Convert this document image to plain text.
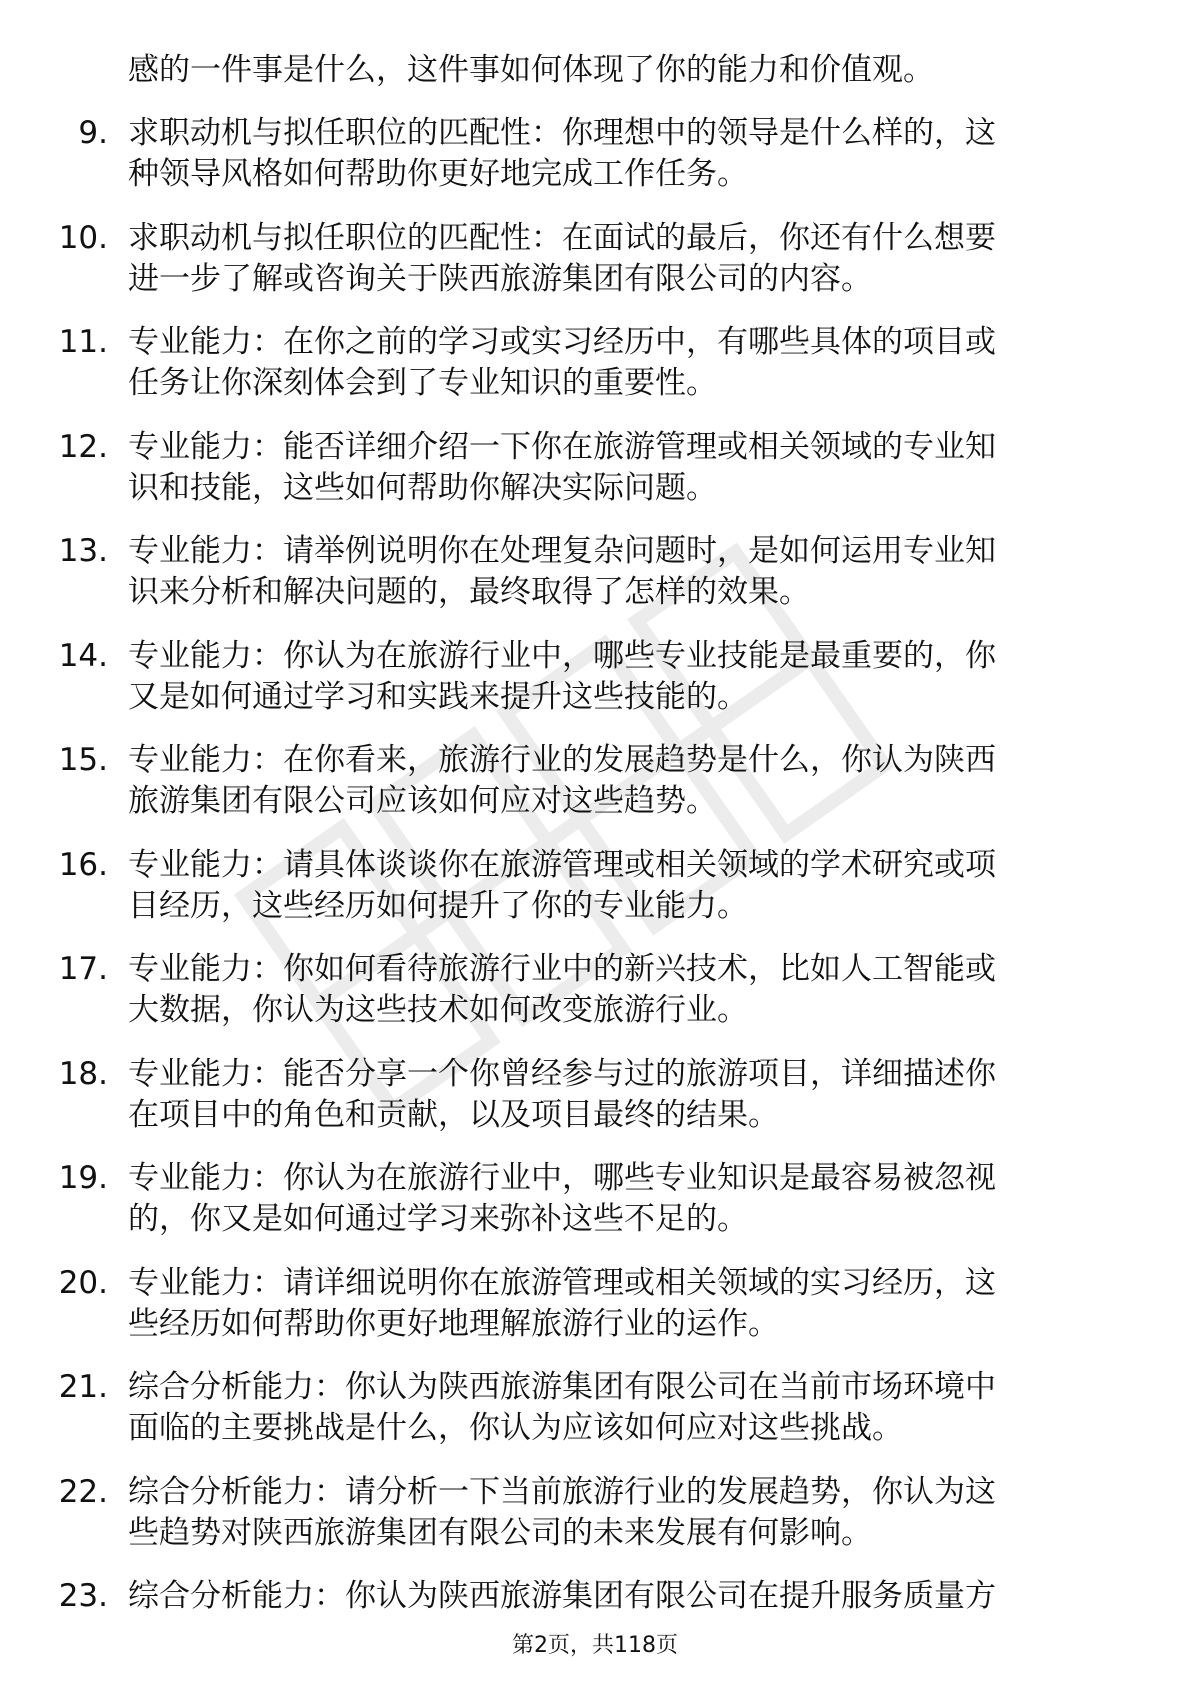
感的一件事是什么，这件事如何体现了你的能力和价值观。
9. 求职动机与拟任职位的匹配性：你理想中的领导是什么样的，这
种领导风格如何帮助你更好地完成工作任务。
10. 求职动机与拟任职位的匹配性：在面试的最后，你还有什么想要
进一步了解或咨询关于陕西旅游集团有限公司的内容。
11. 专业能力：在你之前的学习或实习经历中，有哪些具体的项目或
任务让你深刻体会到了专业知识的重要性。
12. 专业能力：能否详细介绍一下你在旅游管理或相关领域的专业知
识和技能，这些如何帮助你解决实际问题。
13. 专业能力：请举例说明你在处理复杂问题时，是如何运用专业知
识来分析和解决问题的，最终取得了怎样的效果。
14. 专业能力：你认为在旅游行业中，哪些专业技能是最重要的，你
又是如何通过学习和实践来提升这些技能的。
15. 专业能力：在你看来，旅游行业的发展趋势是什么，你认为陕西
旅游集团有限公司应该如何应对这些趋势。
16. 专业能力：请具体谈谈你在旅游管理或相关领域的学术研究或项
目经历，这些经历如何提升了你的专业能力。
17. 专业能力：你如何看待旅游行业中的新兴技术，比如人工智能或
大数据，你认为这些技术如何改变旅游行业。
18. 专业能力：能否分享一个你曾经参与过的旅游项目，详细描述你
在项目中的角色和贡献，以及项目最终的结果。
19. 专业能力：你认为在旅游行业中，哪些专业知识是最容易被忽视
的，你又是如何通过学习来弥补这些不足的。
20. 专业能力：请详细说明你在旅游管理或相关领域的实习经历，这
些经历如何帮助你更好地理解旅游行业的运作。
21. 综合分析能力：你认为陕西旅游集团有限公司在当前市场环境中
面临的主要挑战是什么，你认为应该如何应对这些挑战。
22. 综合分析能力：请分析一下当前旅游行业的发展趋势，你认为这
些趋势对陕西旅游集团有限公司的未来发展有何影响。
23. 综合分析能力：你认为陕西旅游集团有限公司在提升服务质量方
第2页，共118页
